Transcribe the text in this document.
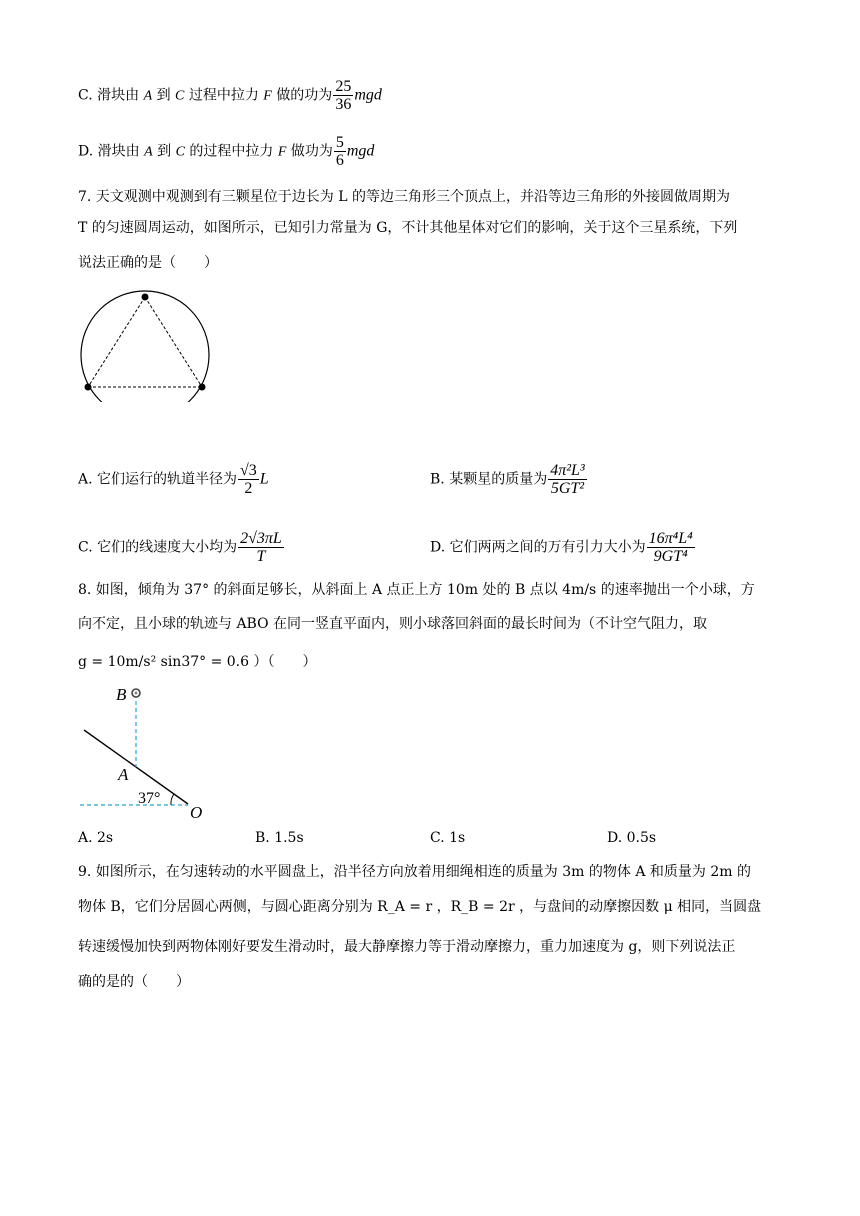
C. 滑块由 A 到 C 过程中拉力 F 做的功为 $\frac{25}{36}$ mgd
D. 滑块由 A 到 C 的过程中拉力 F 做功为 $\frac{5}{6}$ mgd
7. 天文观测中观测到有三颗星位于边长为 L 的等边三角形三个顶点上，并沿等边三角形的外接圆做周期为
T 的匀速圆周运动，如图所示，已知引力常量为 G，不计其他星体对它们的影响，关于这个三星系统，下列
说法正确的是（　　）
A. 它们运行的轨道半径为 $\frac{√3}{2}$ L	B. 某颗星的质量为 $\frac{\text{4π²L³}}{\text{5GT²}}$
C. 它们的线速度大小均为 $\frac{2√3\pi L}{T}$	D. 它们两两之间的万有引力大小为 $\frac{\text{16π⁴L⁴}}{\text{9GT⁴}}$
8. 如图，倾角为 37° 的斜面足够长，从斜面上 A 点正上方 10m 处的 B 点以 4m/s 的速率抛出一个小球，方
向不定，且小球的轨迹与 ABO 在同一竖直平面内，则小球落回斜面的最长时间为（不计空气阻力，取
g = 10m/s² sin37° = 0.6 ）（　　）
B
A
37°
O
A. 2s	B. 1.5s	C. 1s	D. 0.5s
9. 如图所示，在匀速转动的水平圆盘上，沿半径方向放着用细绳相连的质量为 3m 的物体 A 和质量为 2m 的
物体 B，它们分居圆心两侧，与圆心距离分别为 R_A = r ，R_B = 2r ，与盘间的动摩擦因数 μ 相同，当圆盘
转速缓慢加快到两物体刚好要发生滑动时，最大静摩擦力等于滑动摩擦力，重力加速度为 g，则下列说法正
确的是的（　　）
